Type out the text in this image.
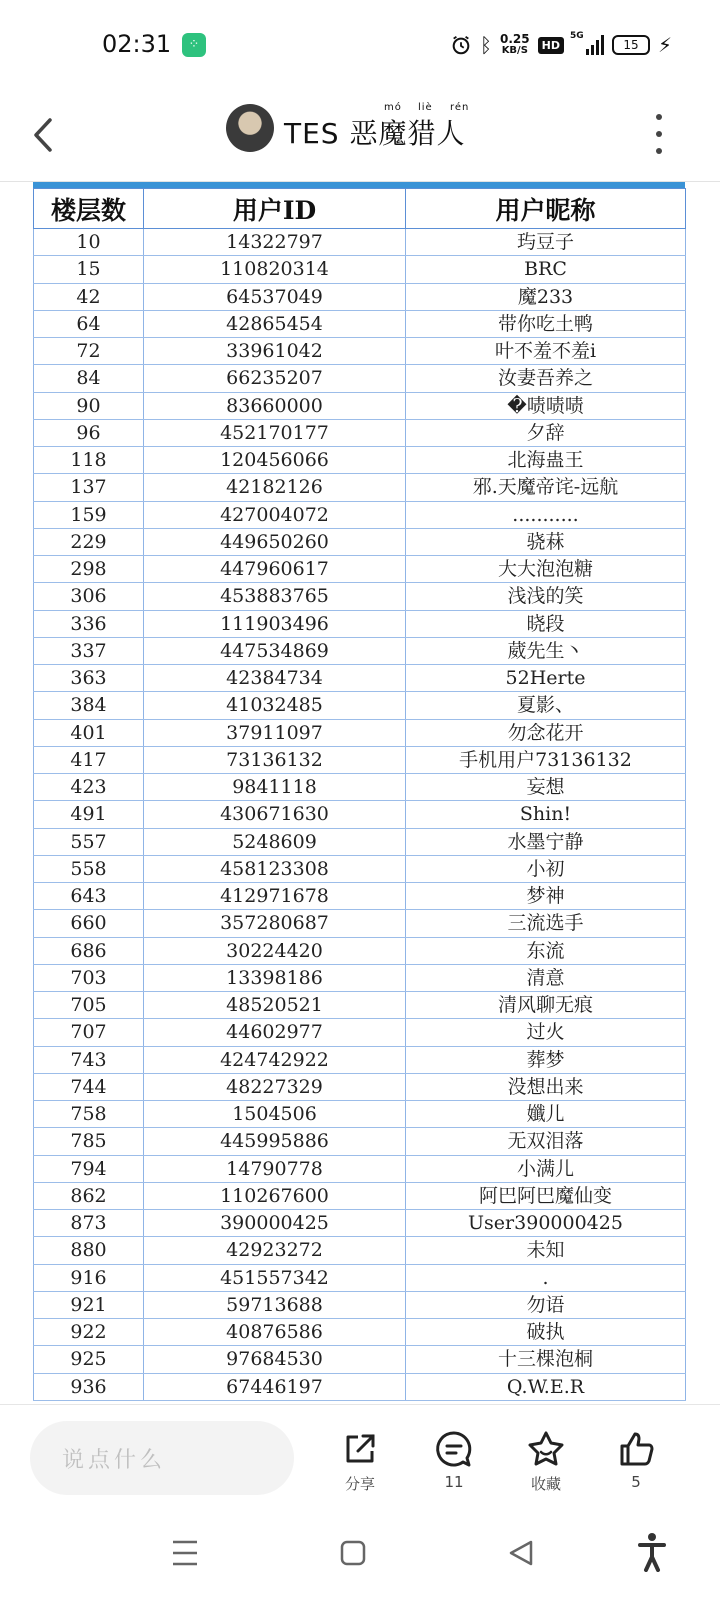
02:31	⁘	ᛒ 0.25
KB/S	HD
5G
15 ⚡
TES 恶魔猎人
mó liè rén
楼层数	用户ID	用户昵称
10	14322797	玙豆子
15	110820314	BRC
42	64537049	魔233
64	42865454	带你吃土鸭
72	33961042	叶不羞不羞i
84	66235207	汝妻吾养之
90	83660000	�啧啧啧
96	452170177	夕辞
118	120456066	北海蛊王
137	42182126	邪.天魔帝诧-远航
159	427004072	...........
229	449650260	骁菻
298	447960617	大大泡泡糖
306	453883765	浅浅的笑
336	111903496	晓段
337	447534869	葳先生丶
363	42384734	52Herte
384	41032485	夏影、
401	37911097	勿念花开
417	73136132	手机用户73136132
423	9841118	妄想
491	430671630	Shin!
557	5248609	水墨宁静
558	458123308	小初
643	412971678	梦神
660	357280687	三流选手
686	30224420	东流
703	13398186	清意
705	48520521	清风聊无痕
707	44602977	过火
743	424742922	葬梦
744	48227329	没想出来
758	1504506	孅儿
785	445995886	无双泪落
794	14790778	小满儿
862	110267600	阿巴阿巴魔仙变
873	390000425	User390000425
880	42923272	未知
916	451557342	.
921	59713688	勿语
922	40876586	破执
925	97684530	十三棵泡桐
936	67446197	Q.W.E.R
说点什么
分享	11	收藏	5
